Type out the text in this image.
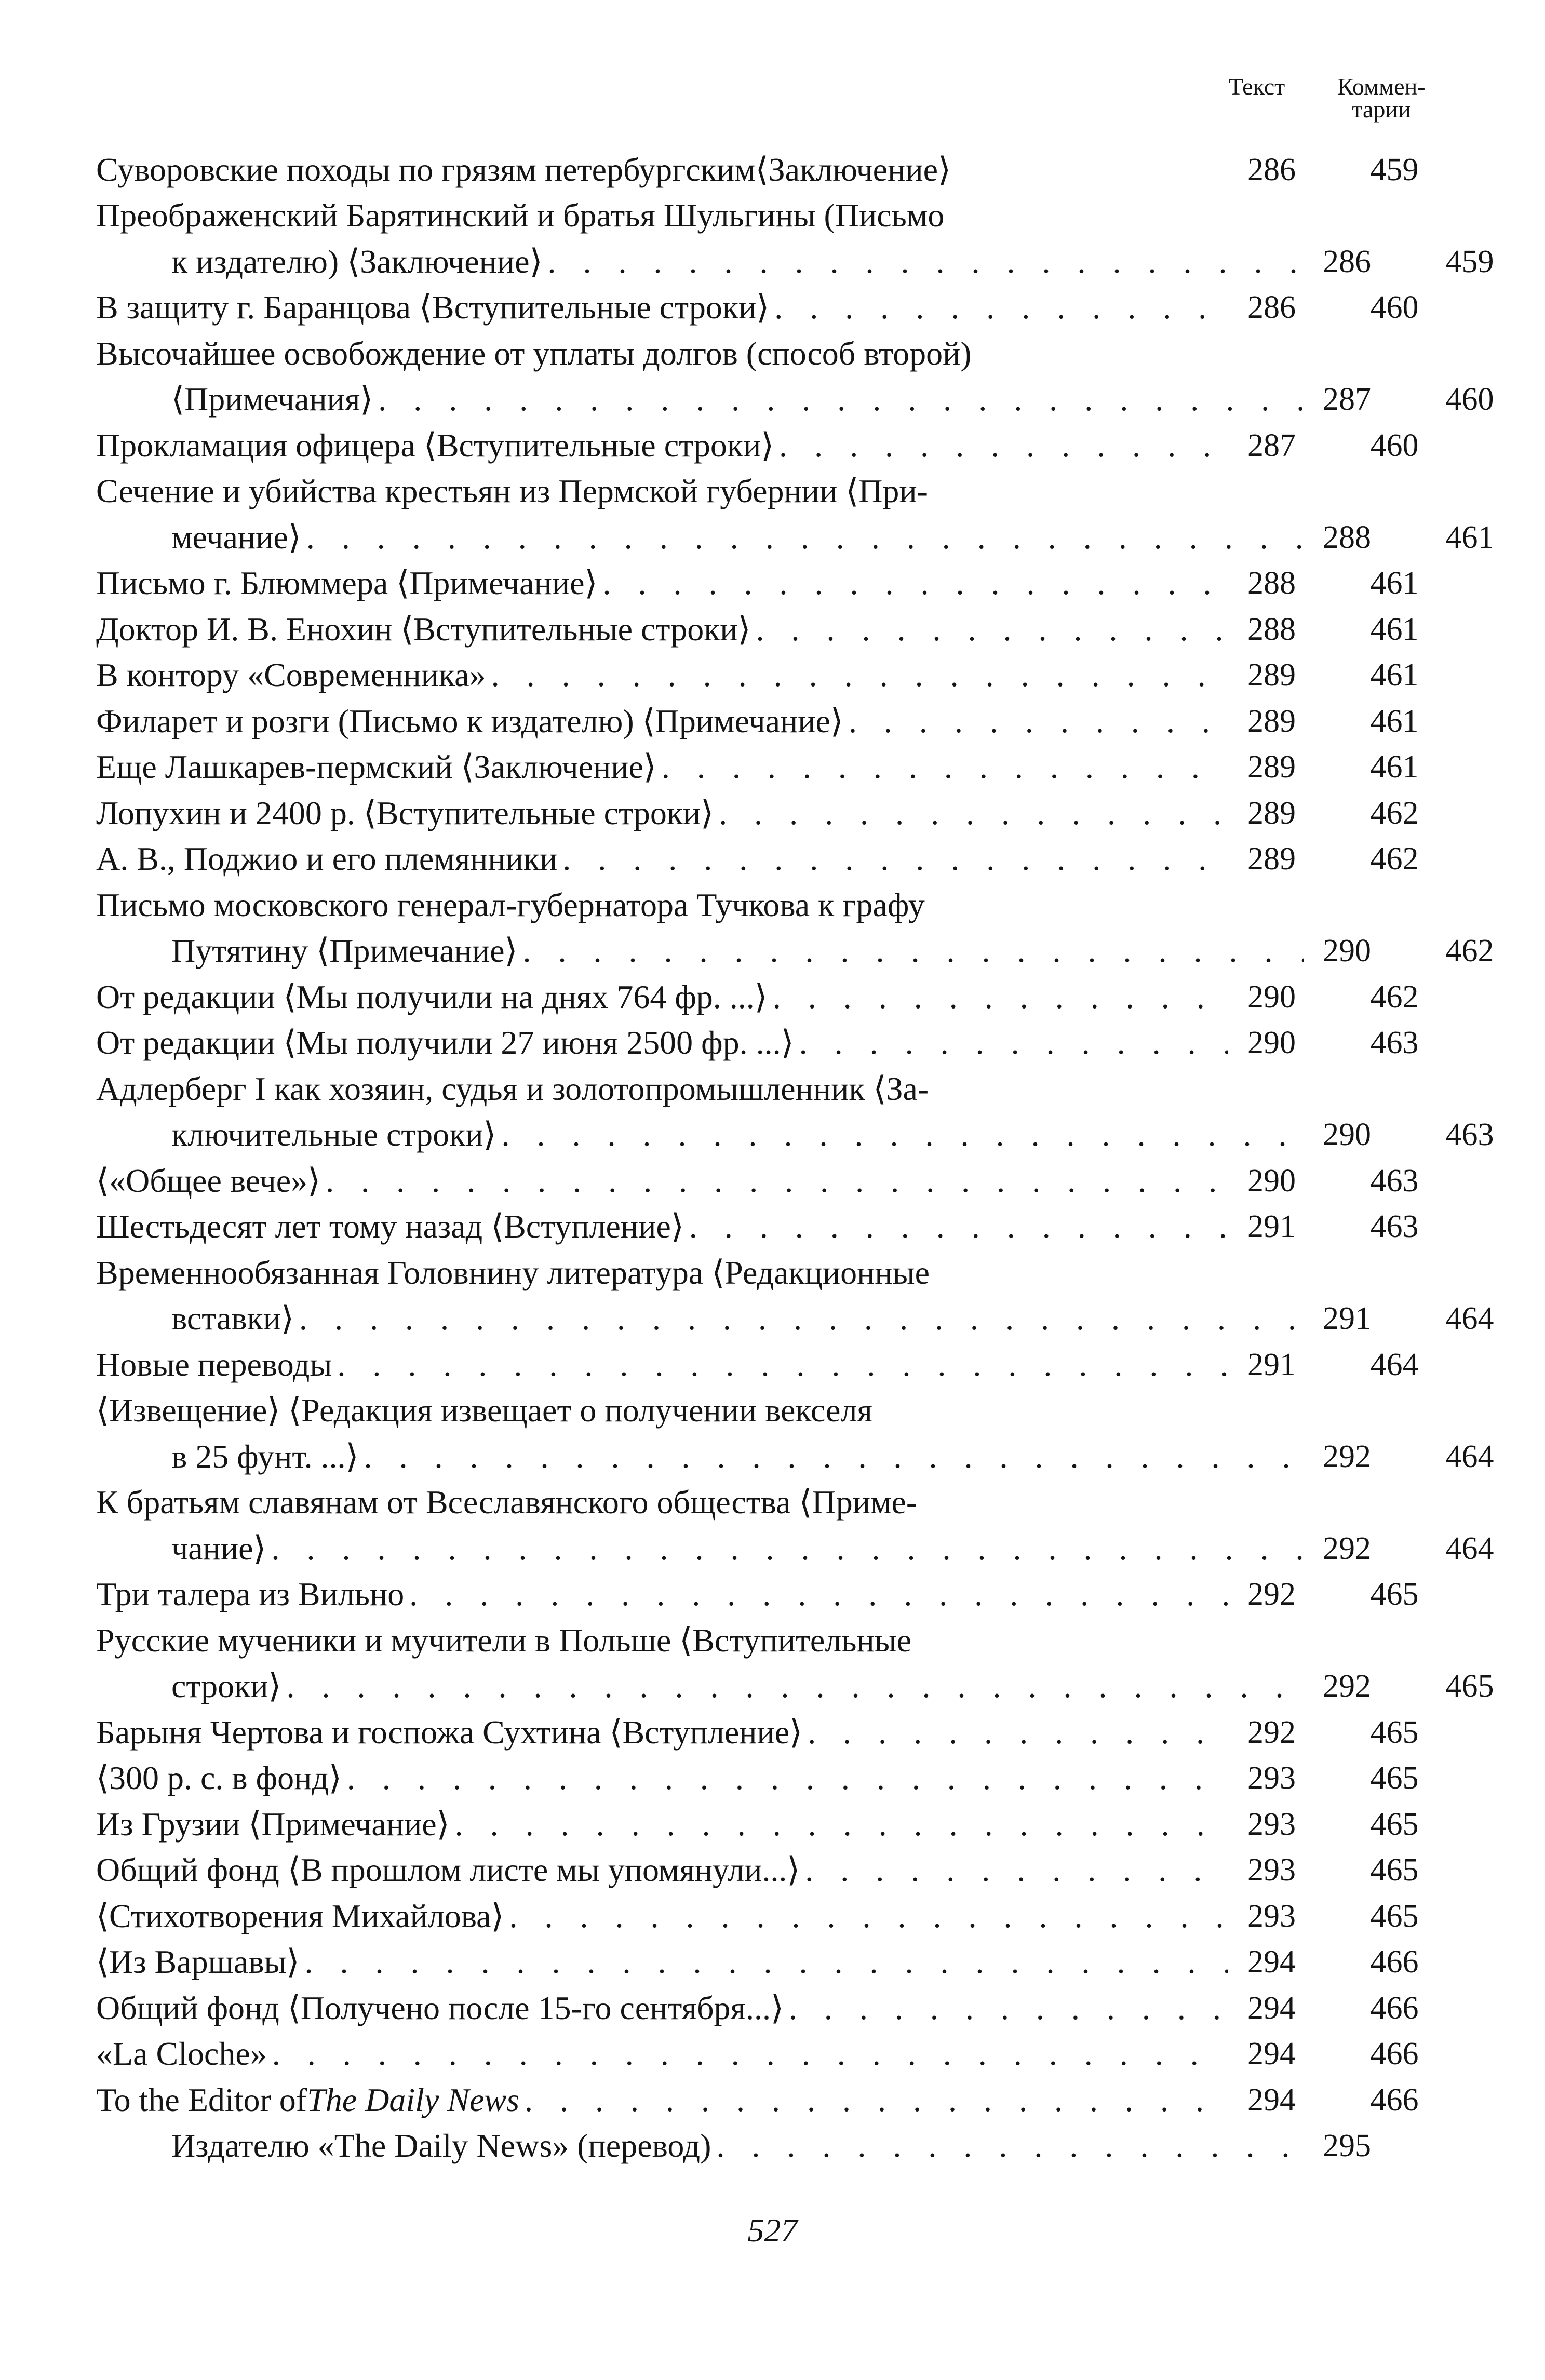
Текст	Коммен-
тарии
Суворовские походы по грязям петербургским⟨Заключение⟩	286	459
Преображенский Барятинский и братья Шульгины (Письмо
к издателю) ⟨Заключение⟩ . . .	286	459
В защиту г. Баранцова ⟨Вступительные строки⟩ . . .	286	460
Высочайшее освобождение от уплаты долгов (способ второй)
⟨Примечания⟩ . . .	287	460
Прокламация офицера ⟨Вступительные строки⟩ . . .	287	460
Сечение и убийства крестьян из Пермской губернии ⟨При-
мечание⟩ . . .	288	461
Письмо г. Блюммера ⟨Примечание⟩ . . .	288	461
Доктор И. В. Енохин ⟨Вступительные строки⟩ . . .	288	461
В контору «Современника» . . .	289	461
Филарет и розги (Письмо к издателю) ⟨Примечание⟩ . . .	289	461
Еще Лашкарев-пермский ⟨Заключение⟩ . . .	289	461
Лопухин и 2400 р. ⟨Вступительные строки⟩ . . .	289	462
А. В., Поджио и его племянники . . .	289	462
Письмо московского генерал-губернатора Тучкова к графу
Путятину ⟨Примечание⟩ . . .	290	462
От редакции ⟨Мы получили на днях 764 фр. ...⟩ . . .	290	462
От редакции ⟨Мы получили 27 июня 2500 фр. ...⟩ . . .	290	463
Адлерберг I как хозяин, судья и золотопромышленник ⟨За-
ключительные строки⟩ . . .	290	463
⟨«Общее вече»⟩ . . .	290	463
Шестьдесят лет тому назад ⟨Вступление⟩ . . .	291	463
Временнообязанная Головнину литература ⟨Редакционные
вставки⟩ . . .	291	464
Новые переводы . . .	291	464
⟨Извещение⟩ ⟨Редакция извещает о получении векселя
в 25 фунт. ...⟩ . . .	292	464
К братьям славянам от Всеславянского общества ⟨Приме-
чание⟩ . . .	292	464
Три талера из Вильно . . .	292	465
Русские мученики и мучители в Польше ⟨Вступительные
строки⟩ . . .	292	465
Барыня Чертова и госпожа Сухтина ⟨Вступление⟩ . . .	292	465
⟨300 р. с. в фонд⟩ . . .	293	465
Из Грузии ⟨Примечание⟩ . . .	293	465
Общий фонд ⟨В прошлом листе мы упомянули...⟩ . . .	293	465
⟨Стихотворения Михайлова⟩ . . .	293	465
⟨Из Варшавы⟩ . . .	294	466
Общий фонд ⟨Получено после 15-го сентября...⟩ . . .	294	466
«La Cloche» . . .	294	466
To the Editor of The Daily News . . .	294	466
Издателю «The Daily News» (перевод) . . .	295
527
